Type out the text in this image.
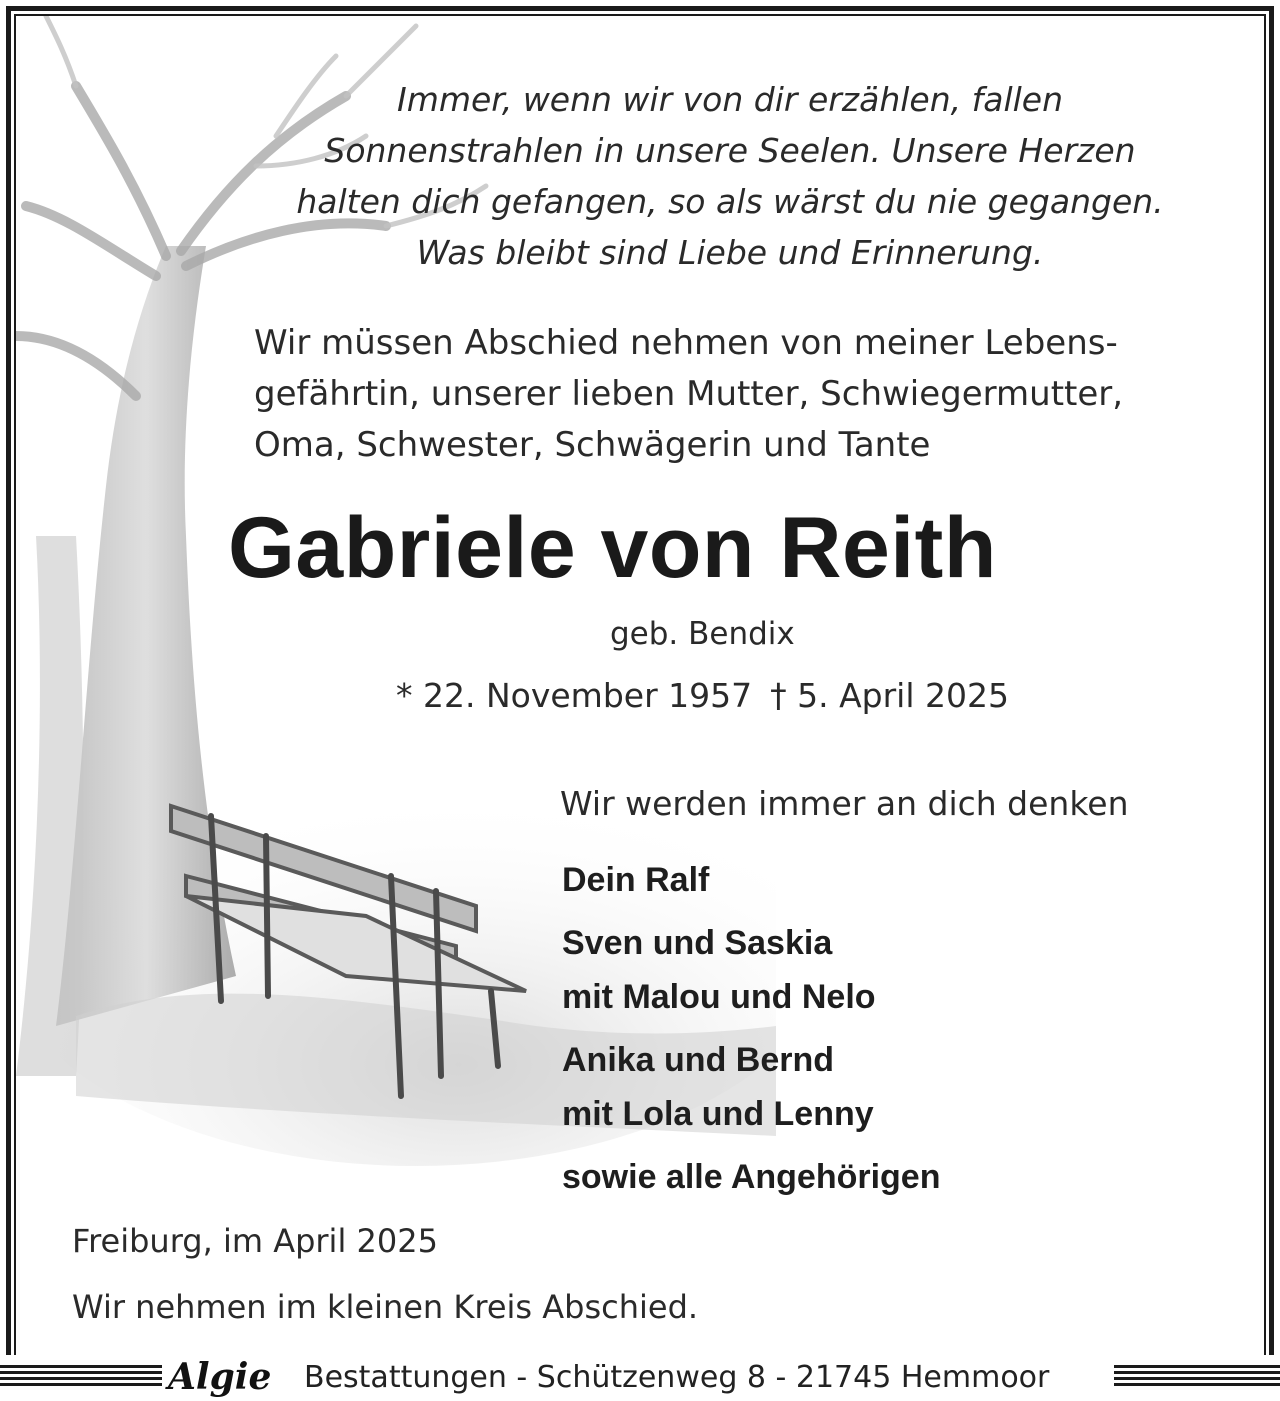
Immer, wenn wir von dir erzählen, fallen
Sonnenstrahlen in unsere Seelen. Unsere Herzen
halten dich gefangen, so als wärst du nie gegangen.
Was bleibt sind Liebe und Erinnerung.
Wir müssen Abschied nehmen von meiner Lebens-
gefährtin, unserer lieben Mutter, Schwiegermutter,
Oma, Schwester, Schwägerin und Tante
Gabriele von Reith
geb. Bendix
* 22. November 1957 † 5. April 2025
Wir werden immer an dich denken
Dein Ralf
Sven und Saskia
mit Malou und Nelo
Anika und Bernd
mit Lola und Lenny
sowie alle Angehörigen
Freiburg, im April 2025
Wir nehmen im kleinen Kreis Abschied.
Algie Bestattungen - Schützenweg 8 - 21745 Hemmoor
